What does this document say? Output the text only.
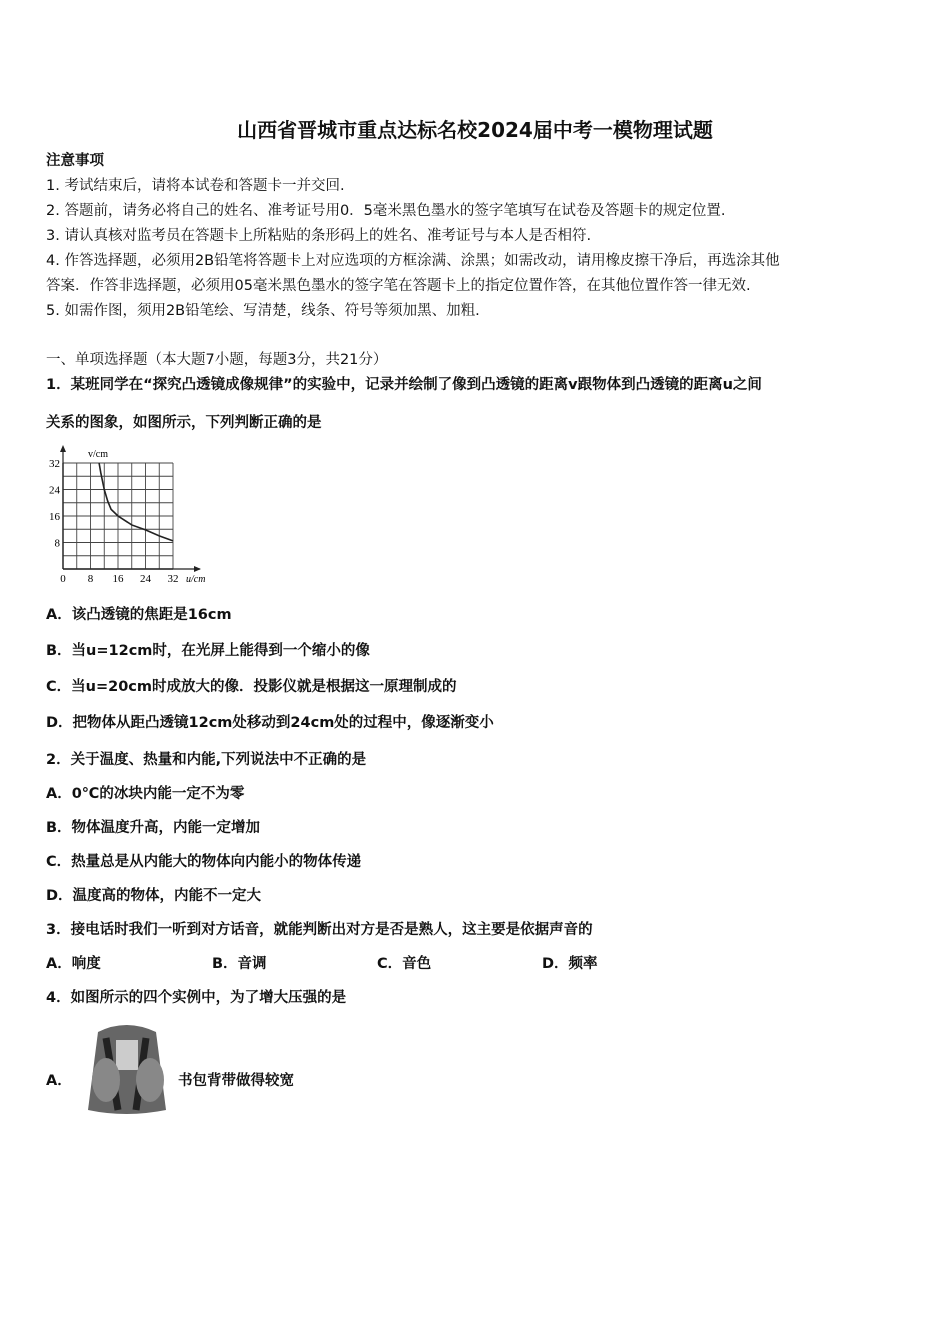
山西省晋城市重点达标名校2024届中考一模物理试题
注意事项
1. 考试结束后，请将本试卷和答题卡一并交回.
2. 答题前，请务必将自己的姓名、准考证号用0．5毫米黑色墨水的签字笔填写在试卷及答题卡的规定位置.
3. 请认真核对监考员在答题卡上所粘贴的条形码上的姓名、准考证号与本人是否相符.
4. 作答选择题，必须用2B铅笔将答题卡上对应选项的方框涂满、涂黑；如需改动，请用橡皮擦干净后，再选涂其他
答案．作答非选择题，必须用05毫米黑色墨水的签字笔在答题卡上的指定位置作答，在其他位置作答一律无效.
5. 如需作图，须用2B铅笔绘、写清楚，线条、符号等须加黑、加粗.
一、单项选择题（本大题7小题，每题3分，共21分）
1．某班同学在“探究凸透镜成像规律”的实验中，记录并绘制了像到凸透镜的距离v跟物体到凸透镜的距离u之间
关系的图象，如图所示，下列判断正确的是
0 8 16 24 32
8
16
24
32
v/cm
u/cm
A．该凸透镜的焦距是16cm
B．当u=12cm时，在光屏上能得到一个缩小的像
C．当u=20cm时成放大的像．投影仪就是根据这一原理制成的
D．把物体从距凸透镜12cm处移动到24cm处的过程中，像逐渐变小
2．关于温度、热量和内能,下列说法中不正确的是
A．0℃的冰块内能一定不为零
B．物体温度升高，内能一定增加
C．热量总是从内能大的物体向内能小的物体传递
D．温度高的物体，内能不一定大
3．接电话时我们一听到对方话音，就能判断出对方是否是熟人，这主要是依据声音的
A．响度	B．音调	C．音色	D．频率
4．如图所示的四个实例中，为了增大压强的是
A．	书包背带做得较宽
